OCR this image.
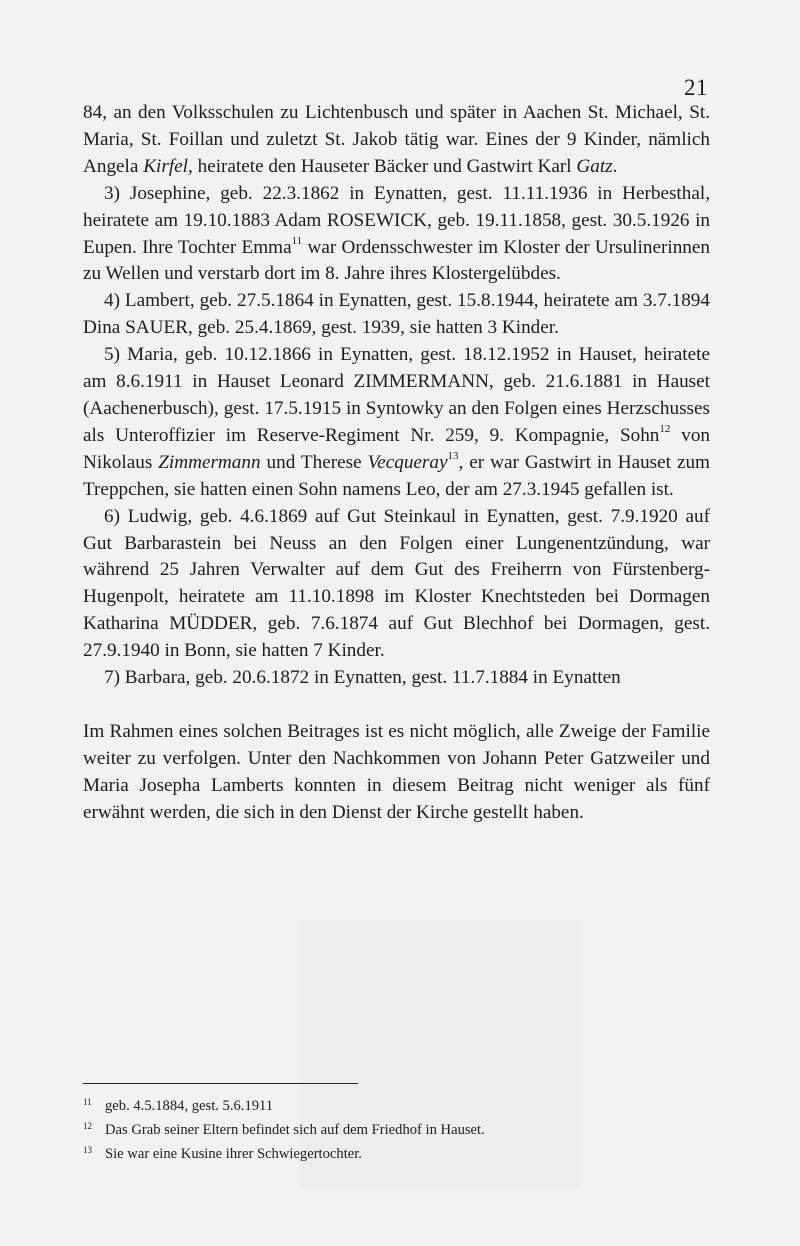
21

84, an den Volksschulen zu Lichtenbusch und später in Aachen St. Michael, St. Maria, St. Foillan und zuletzt St. Jakob tätig war. Eines der 9 Kinder, nämlich Angela Kirfel, heiratete den Hauseter Bäcker und Gastwirt Karl Gatz.

3) Josephine, geb. 22.3.1862 in Eynatten, gest. 11.11.1936 in Herbesthal, heiratete am 19.10.1883 Adam ROSEWICK, geb. 19.11.1858, gest. 30.5.1926 in Eupen. Ihre Tochter Emma$^{11}$ war Ordensschwester im Kloster der Ursulinerinnen zu Wellen und verstarb dort im 8. Jahre ihres Klostergelübdes.

4) Lambert, geb. 27.5.1864 in Eynatten, gest. 15.8.1944, heiratete am 3.7.1894 Dina SAUER, geb. 25.4.1869, gest. 1939, sie hatten 3 Kinder.

5) Maria, geb. 10.12.1866 in Eynatten, gest. 18.12.1952 in Hauset, heiratete am 8.6.1911 in Hauset Leonard ZIMMERMANN, geb. 21.6.1881 in Hauset (Aachenerbusch), gest. 17.5.1915 in Syntowky an den Folgen eines Herzschusses als Unteroffizier im Reserve-Regiment Nr. 259, 9. Kompagnie, Sohn$^{12}$ von Nikolaus Zimmermann und Therese Vecqueray$^{13}$, er war Gastwirt in Hauset zum Treppchen, sie hatten einen Sohn namens Leo, der am 27.3.1945 gefallen ist.

6) Ludwig, geb. 4.6.1869 auf Gut Steinkaul in Eynatten, gest. 7.9.1920 auf Gut Barbarastein bei Neuss an den Folgen einer Lungenentzündung, war während 25 Jahren Verwalter auf dem Gut des Freiherrn von Fürstenberg-Hugenpolt, heiratete am 11.10.1898 im Kloster Knechtsteden bei Dormagen Katharina MÜDDER, geb. 7.6.1874 auf Gut Blechhof bei Dormagen, gest. 27.9.1940 in Bonn, sie hatten 7 Kinder.

7) Barbara, geb. 20.6.1872 in Eynatten, gest. 11.7.1884 in Eynatten

Im Rahmen eines solchen Beitrages ist es nicht möglich, alle Zweige der Familie weiter zu verfolgen. Unter den Nachkommen von Johann Peter Gatzweiler und Maria Josepha Lamberts konnten in diesem Beitrag nicht weniger als fünf erwähnt werden, die sich in den Dienst der Kirche gestellt haben.

11 geb. 4.5.1884, gest. 5.6.1911
12 Das Grab seiner Eltern befindet sich auf dem Friedhof in Hauset.
13 Sie war eine Kusine ihrer Schwiegertochter.
